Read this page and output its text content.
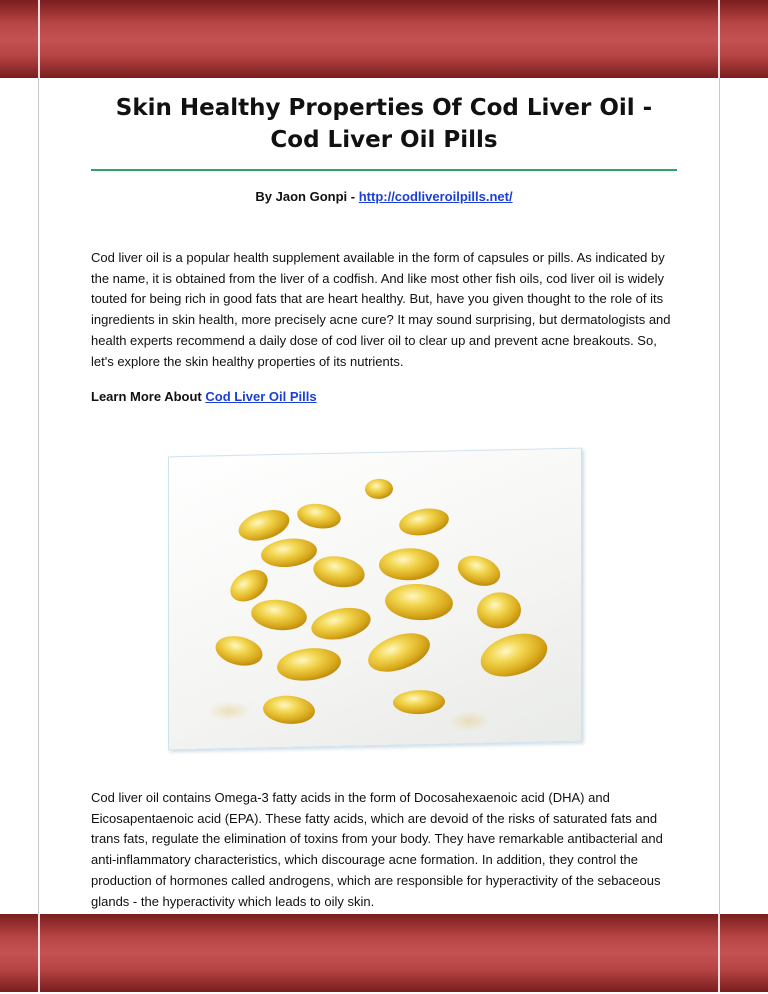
Skin Healthy Properties Of Cod Liver Oil - Cod Liver Oil Pills
By Jaon Gonpi - http://codliveroilpills.net/

Cod liver oil is a popular health supplement available in the form of capsules or pills. As indicated by the name, it is obtained from the liver of a codfish. And like most other fish oils, cod liver oil is widely touted for being rich in good fats that are heart healthy. But, have you given thought to the role of its ingredients in skin health, more precisely acne cure? It may sound surprising, but dermatologists and health experts recommend a daily dose of cod liver oil to clear up and prevent acne breakouts. So, let's explore the skin healthy properties of its nutrients.

Learn More About Cod Liver Oil Pills

Cod liver oil contains Omega-3 fatty acids in the form of Docosahexaenoic acid (DHA) and Eicosapentaenoic acid (EPA). These fatty acids, which are devoid of the risks of saturated fats and trans fats, regulate the elimination of toxins from your body. They have remarkable antibacterial and anti-inflammatory characteristics, which discourage acne formation. In addition, they control the production of hormones called androgens, which are responsible for hyperactivity of the sebaceous glands - the hyperactivity which leads to oily skin.
